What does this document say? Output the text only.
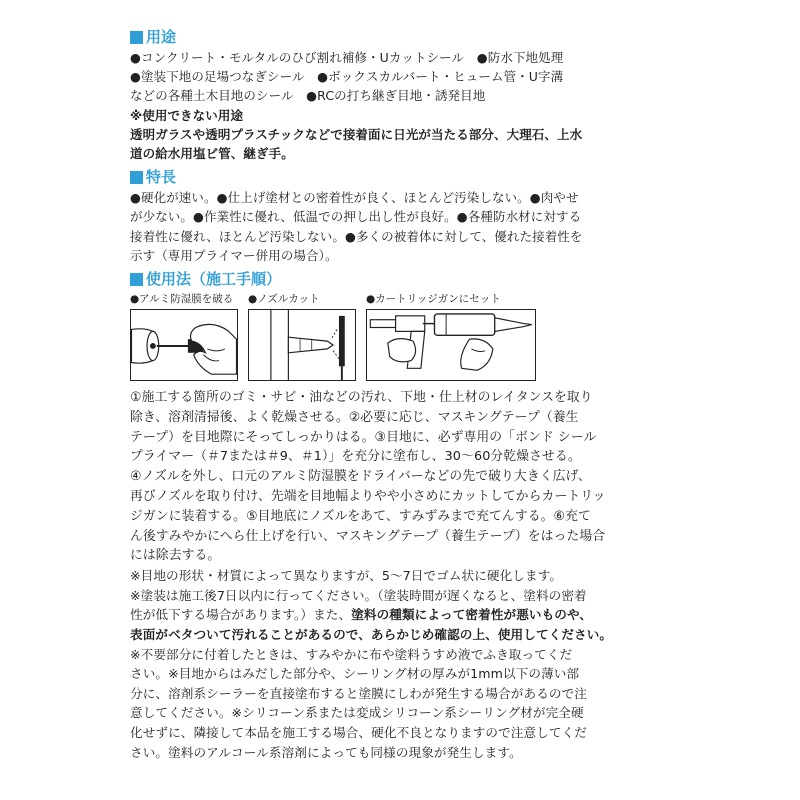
用途

●コンクリート・モルタルのひび割れ補修・Uカットシール　●防水下地処理

●塗装下地の足場つなぎシール　●ボックスカルバート・ヒューム管・U字溝

などの各種土木目地のシール　●RCの打ち継ぎ目地・誘発目地

※使用できない用途

透明ガラスや透明プラスチックなどで接着面に日光が当たる部分、大理石、上水

道の給水用塩ビ管、継ぎ手。

特長

●硬化が速い。●仕上げ塗材との密着性が良く、ほとんど汚染しない。●肉やせ

が少ない。●作業性に優れ、低温での押し出し性が良好。●各種防水材に対する

接着性に優れ、ほとんど汚染しない。●多くの被着体に対して、優れた接着性を

示す（専用プライマー併用の場合）。

使用法（施工手順）
●アルミ防湿膜を破る ●ノズルカット	●カートリッジガンにセット

①施工する箇所のゴミ・サビ・油などの汚れ、下地・仕上材のレイタンスを取り

除き、溶剤清掃後、よく乾燥させる。②必要に応じ、マスキングテープ（養生

テープ）を目地際にそってしっかりはる。③目地に、必ず専用の「ボンド シール

プライマー（＃7または＃9、＃1）」を充分に塗布し、30〜60分乾燥させる。

④ノズルを外し、口元のアルミ防湿膜をドライバーなどの先で破り大きく広げ、

再びノズルを取り付け、先端を目地幅よりやや小さめにカットしてからカートリッ

ジガンに装着する。⑤目地底にノズルをあて、すみずみまで充てんする。⑥充て

ん後すみやかにへら仕上げを行い、マスキングテープ（養生テープ）をはった場合

には除去する。

※目地の形状・材質によって異なりますが、5〜7日でゴム状に硬化します。

※塗装は施工後7日以内に行ってください。（塗装時間が遅くなると、塗料の密着

性が低下する場合があります。）また、塗料の種類によって密着性が悪いものや、

表面がベタついて汚れることがあるので、あらかじめ確認の上、使用してください。

※不要部分に付着したときは、すみやかに布や塗料うすめ液でふき取ってくだ

さい。※目地からはみだした部分や、シーリング材の厚みが1mm以下の薄い部

分に、溶剤系シーラーを直接塗布すると塗膜にしわが発生する場合があるので注

意してください。※シリコーン系または変成シリコーン系シーリング材が完全硬

化せずに、隣接して本品を施工する場合、硬化不良となりますので注意してくだ

さい。塗料のアルコール系溶剤によっても同様の現象が発生します。
